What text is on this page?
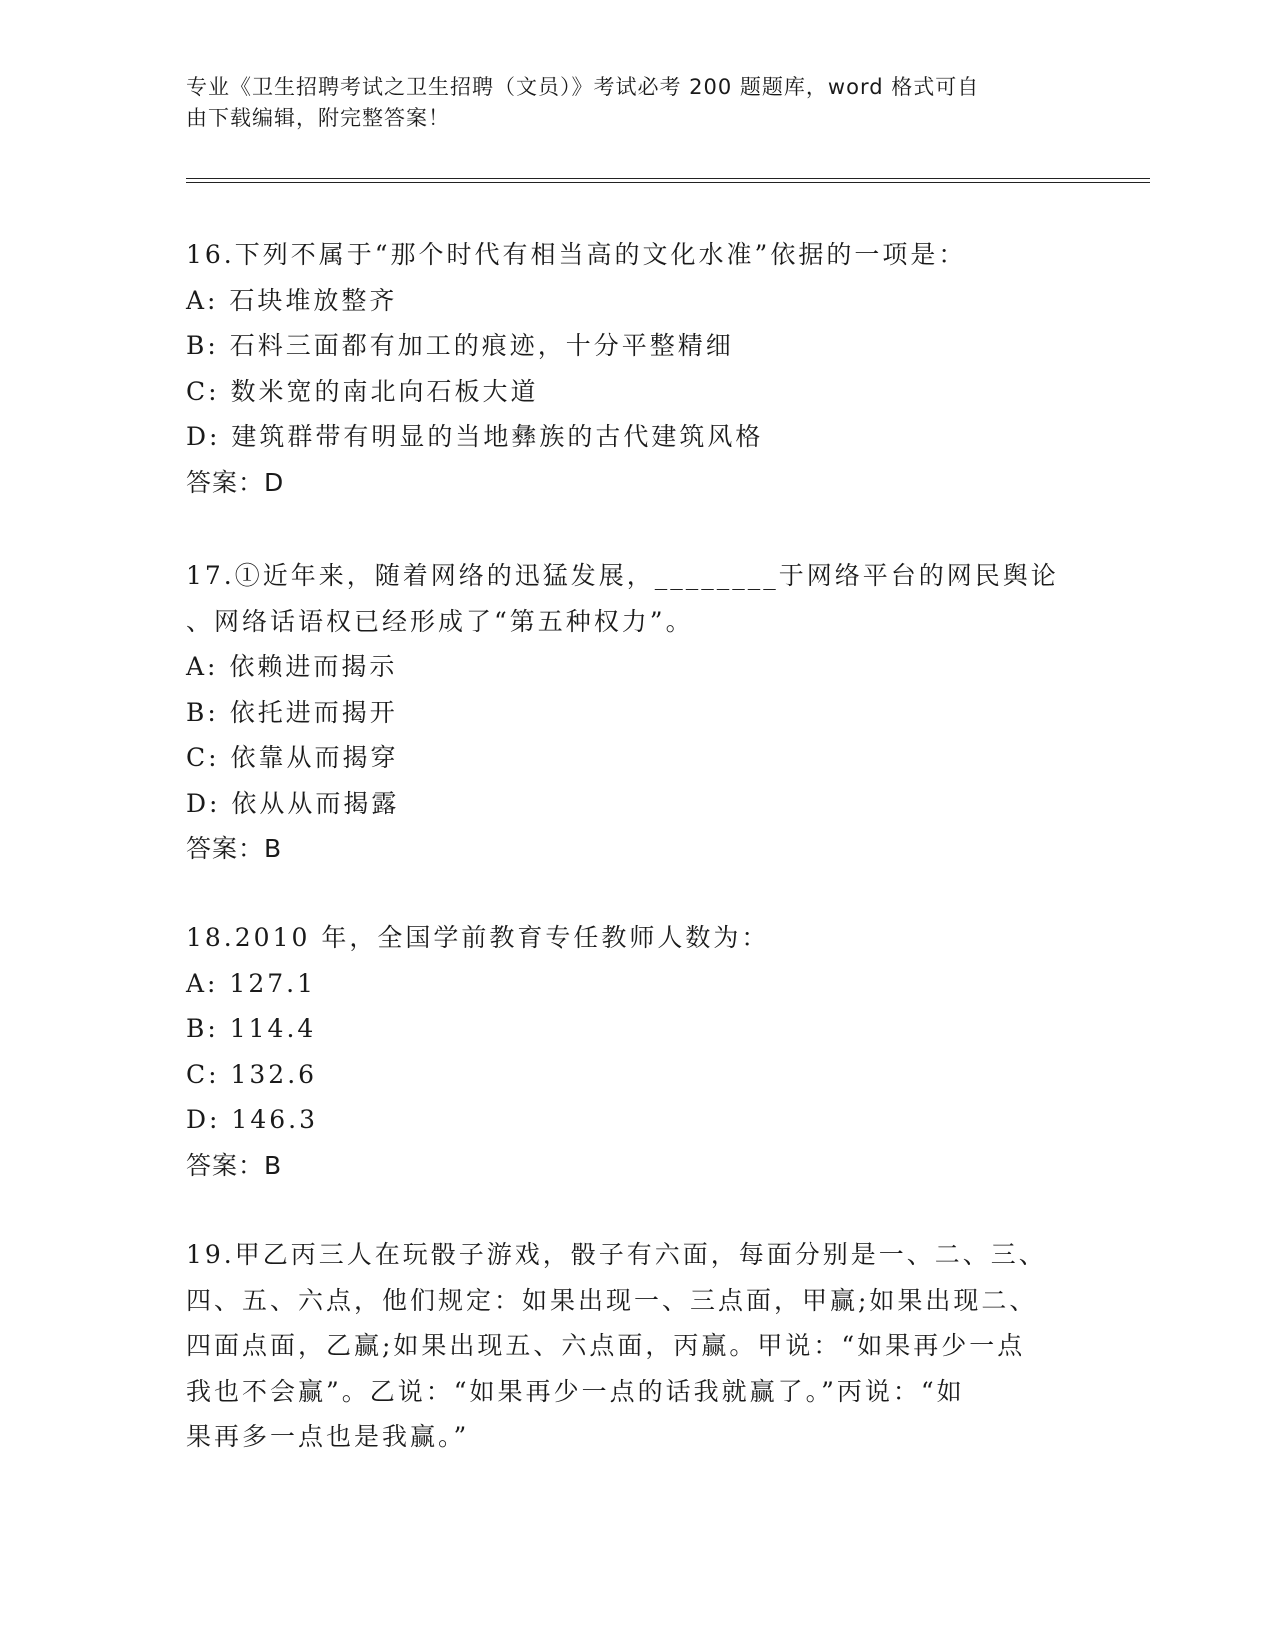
专业《卫生招聘考试之卫生招聘（文员）》考试必考 200 题题库，word 格式可自
由下载编辑，附完整答案！

16.下列不属于“那个时代有相当高的文化水准”依据的一项是：

A: 石块堆放整齐

B: 石料三面都有加工的痕迹，十分平整精细

C: 数米宽的南北向石板大道

D: 建筑群带有明显的当地彝族的古代建筑风格

答案：D

17.①近年来，随着网络的迅猛发展，________于网络平台的网民舆论

、网络话语权已经形成了“第五种权力”。

A: 依赖进而揭示

B: 依托进而揭开

C: 依靠从而揭穿

D: 依从从而揭露

答案：B

18.2010 年，全国学前教育专任教师人数为：

A: 127.1

B: 114.4

C: 132.6

D: 146.3

答案：B

19.甲乙丙三人在玩骰子游戏，骰子有六面，每面分别是一、二、三、

四、五、六点，他们规定：如果出现一、三点面，甲赢;如果出现二、

四面点面，乙赢;如果出现五、六点面，丙赢。甲说：“如果再少一点

我也不会赢”。乙说：“如果再少一点的话我就赢了。”丙说：“如

果再多一点也是我赢。”
